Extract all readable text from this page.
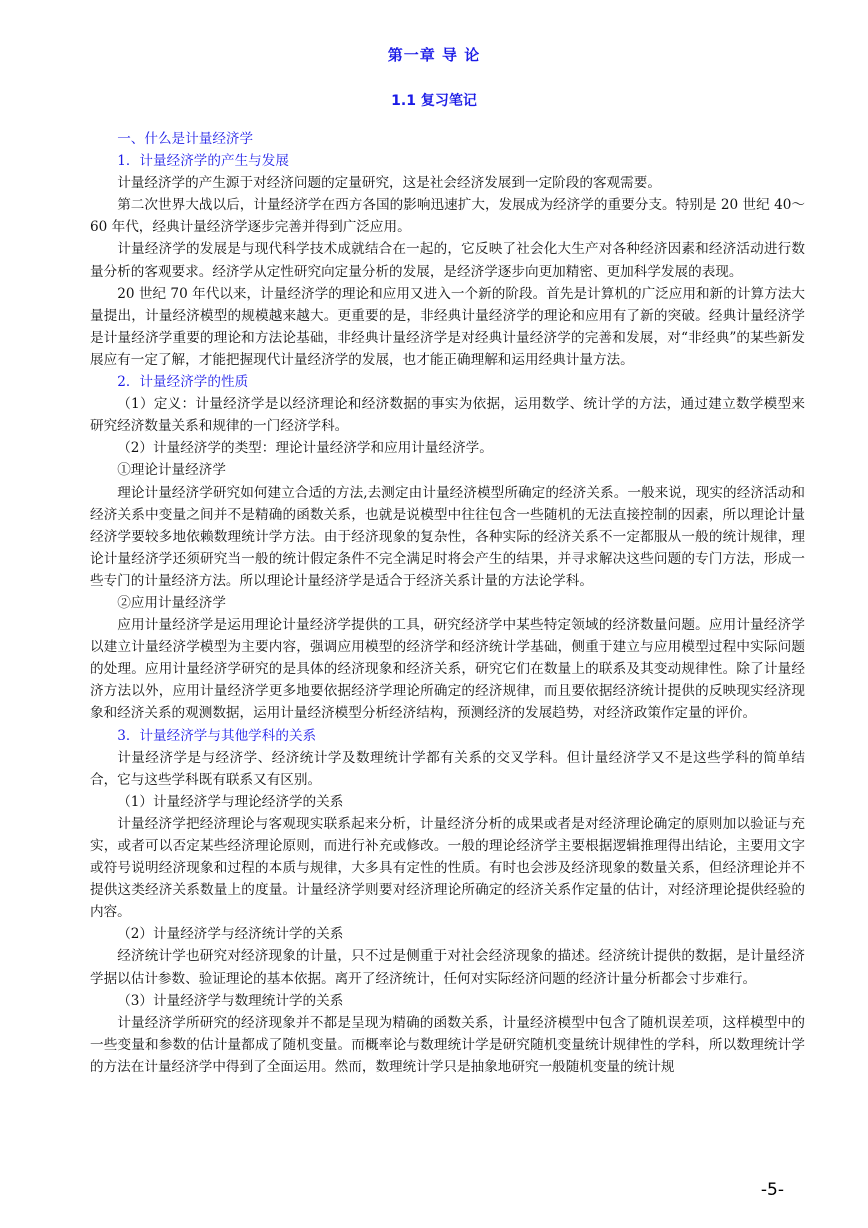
第一章 导 论
1.1 复习笔记

一、什么是计量经济学

1．计量经济学的产生与发展

计量经济学的产生源于对经济问题的定量研究，这是社会经济发展到一定阶段的客观需要。

第二次世界大战以后，计量经济学在西方各国的影响迅速扩大，发展成为经济学的重要分支。特别是 20 世纪 40～60 年代，经典计量经济学逐步完善并得到广泛应用。

计量经济学的发展是与现代科学技术成就结合在一起的，它反映了社会化大生产对各种经济因素和经济活动进行数量分析的客观要求。经济学从定性研究向定量分析的发展，是经济学逐步向更加精密、更加科学发展的表现。

20 世纪 70 年代以来，计量经济学的理论和应用又进入一个新的阶段。首先是计算机的广泛应用和新的计算方法大量提出，计量经济模型的规模越来越大。更重要的是，非经典计量经济学的理论和应用有了新的突破。经典计量经济学是计量经济学重要的理论和方法论基础，非经典计量经济学是对经典计量经济学的完善和发展，对“非经典”的某些新发展应有一定了解，才能把握现代计量经济学的发展，也才能正确理解和运用经典计量方法。

2．计量经济学的性质

（1）定义：计量经济学是以经济理论和经济数据的事实为依据，运用数学、统计学的方法，通过建立数学模型来研究经济数量关系和规律的一门经济学科。

（2）计量经济学的类型：理论计量经济学和应用计量经济学。

①理论计量经济学

理论计量经济学研究如何建立合适的方法,去测定由计量经济模型所确定的经济关系。一般来说，现实的经济活动和经济关系中变量之间并不是精确的函数关系，也就是说模型中往往包含一些随机的无法直接控制的因素，所以理论计量经济学要较多地依赖数理统计学方法。由于经济现象的复杂性，各种实际的经济关系不一定都服从一般的统计规律，理论计量经济学还须研究当一般的统计假定条件不完全满足时将会产生的结果，并寻求解决这些问题的专门方法，形成一些专门的计量经济方法。所以理论计量经济学是适合于经济关系计量的方法论学科。

②应用计量经济学

应用计量经济学是运用理论计量经济学提供的工具，研究经济学中某些特定领域的经济数量问题。应用计量经济学以建立计量经济学模型为主要内容，强调应用模型的经济学和经济统计学基础，侧重于建立与应用模型过程中实际问题的处理。应用计量经济学研究的是具体的经济现象和经济关系，研究它们在数量上的联系及其变动规律性。除了计量经济方法以外，应用计量经济学更多地要依据经济学理论所确定的经济规律，而且要依据经济统计提供的反映现实经济现象和经济关系的观测数据，运用计量经济模型分析经济结构，预测经济的发展趋势，对经济政策作定量的评价。

3．计量经济学与其他学科的关系

计量经济学是与经济学、经济统计学及数理统计学都有关系的交叉学科。但计量经济学又不是这些学科的简单结合，它与这些学科既有联系又有区别。

（1）计量经济学与理论经济学的关系

计量经济学把经济理论与客观现实联系起来分析，计量经济分析的成果或者是对经济理论确定的原则加以验证与充实，或者可以否定某些经济理论原则，而进行补充或修改。一般的理论经济学主要根据逻辑推理得出结论，主要用文字或符号说明经济现象和过程的本质与规律，大多具有定性的性质。有时也会涉及经济现象的数量关系，但经济理论并不提供这类经济关系数量上的度量。计量经济学则要对经济理论所确定的经济关系作定量的估计，对经济理论提供经验的内容。

（2）计量经济学与经济统计学的关系

经济统计学也研究对经济现象的计量，只不过是侧重于对社会经济现象的描述。经济统计提供的数据，是计量经济学据以估计参数、验证理论的基本依据。离开了经济统计，任何对实际经济问题的经济计量分析都会寸步难行。

（3）计量经济学与数理统计学的关系

计量经济学所研究的经济现象并不都是呈现为精确的函数关系，计量经济模型中包含了随机误差项，这样模型中的一些变量和参数的估计量都成了随机变量。而概率论与数理统计学是研究随机变量统计规律性的学科，所以数理统计学的方法在计量经济学中得到了全面运用。然而，数理统计学只是抽象地研究一般随机变量的统计规

-5-
